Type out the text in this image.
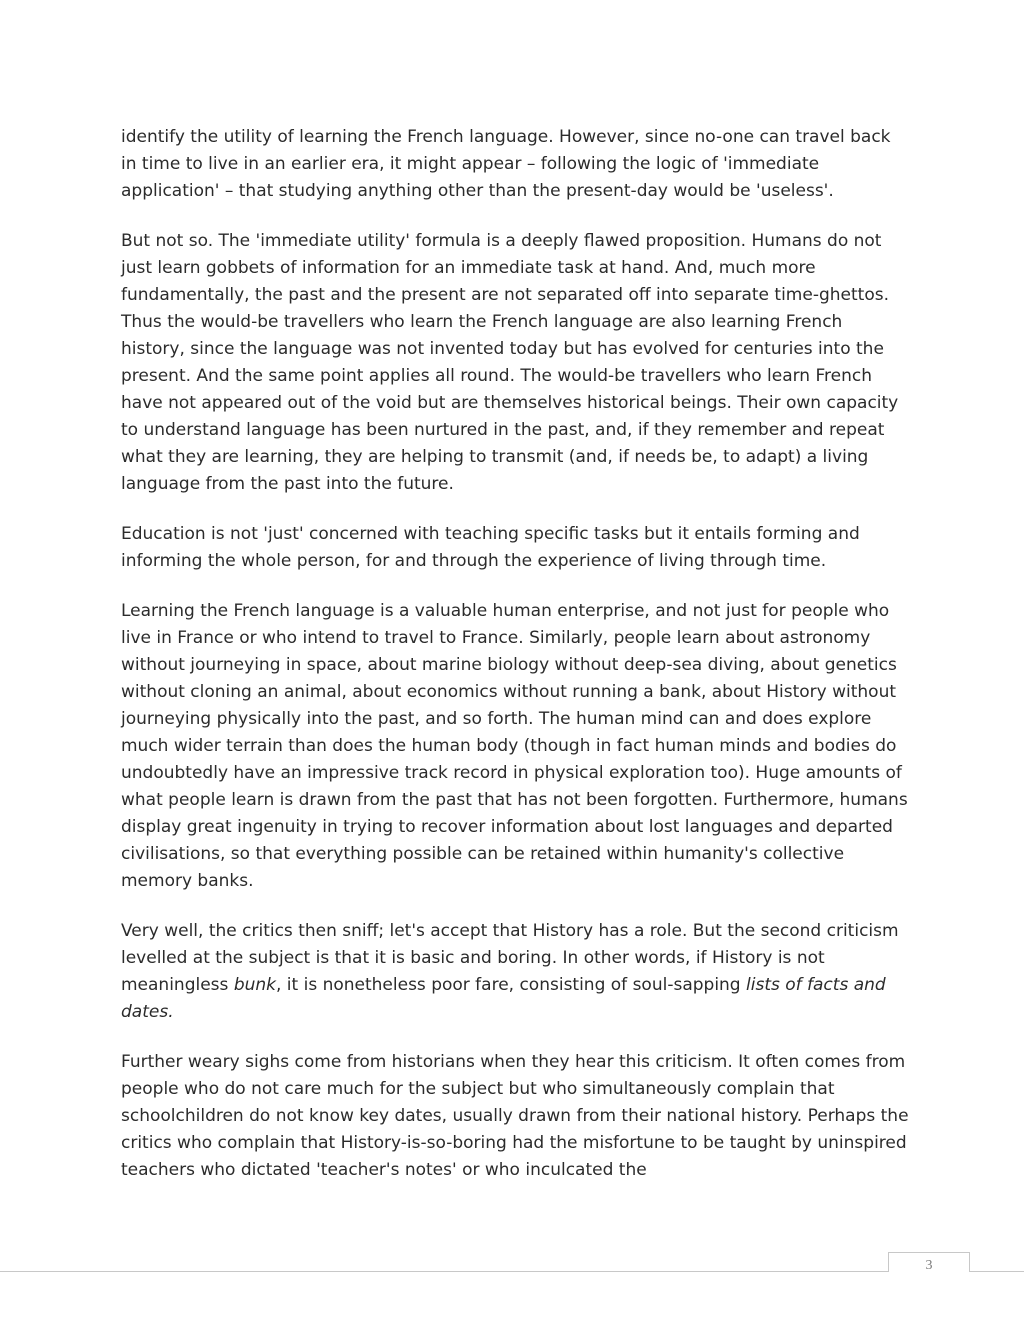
identify the utility of learning the French language. However, since no-one can travel back in time to live in an earlier era, it might appear – following the logic of 'immediate application' – that studying anything other than the present-day would be 'useless'.

But not so. The 'immediate utility' formula is a deeply flawed proposition. Humans do not just learn gobbets of information for an immediate task at hand. And, much more fundamentally, the past and the present are not separated off into separate time-ghettos. Thus the would-be travellers who learn the French language are also learning French history, since the language was not invented today but has evolved for centuries into the present. And the same point applies all round. The would-be travellers who learn French have not appeared out of the void but are themselves historical beings. Their own capacity to understand language has been nurtured in the past, and, if they remember and repeat what they are learning, they are helping to transmit (and, if needs be, to adapt) a living language from the past into the future.

Education is not 'just' concerned with teaching specific tasks but it entails forming and informing the whole person, for and through the experience of living through time.

Learning the French language is a valuable human enterprise, and not just for people who live in France or who intend to travel to France. Similarly, people learn about astronomy without journeying in space, about marine biology without deep-sea diving, about genetics without cloning an animal, about economics without running a bank, about History without journeying physically into the past, and so forth. The human mind can and does explore much wider terrain than does the human body (though in fact human minds and bodies do undoubtedly have an impressive track record in physical exploration too). Huge amounts of what people learn is drawn from the past that has not been forgotten. Furthermore, humans display great ingenuity in trying to recover information about lost languages and departed civilisations, so that everything possible can be retained within humanity's collective memory banks.

Very well, the critics then sniff; let's accept that History has a role. But the second criticism levelled at the subject is that it is basic and boring. In other words, if History is not meaningless bunk, it is nonetheless poor fare, consisting of soul-sapping lists of facts and dates.

Further weary sighs come from historians when they hear this criticism. It often comes from people who do not care much for the subject but who simultaneously complain that schoolchildren do not know key dates, usually drawn from their national history. Perhaps the critics who complain that History-is-so-boring had the misfortune to be taught by uninspired teachers who dictated 'teacher's notes' or who inculcated the

3
